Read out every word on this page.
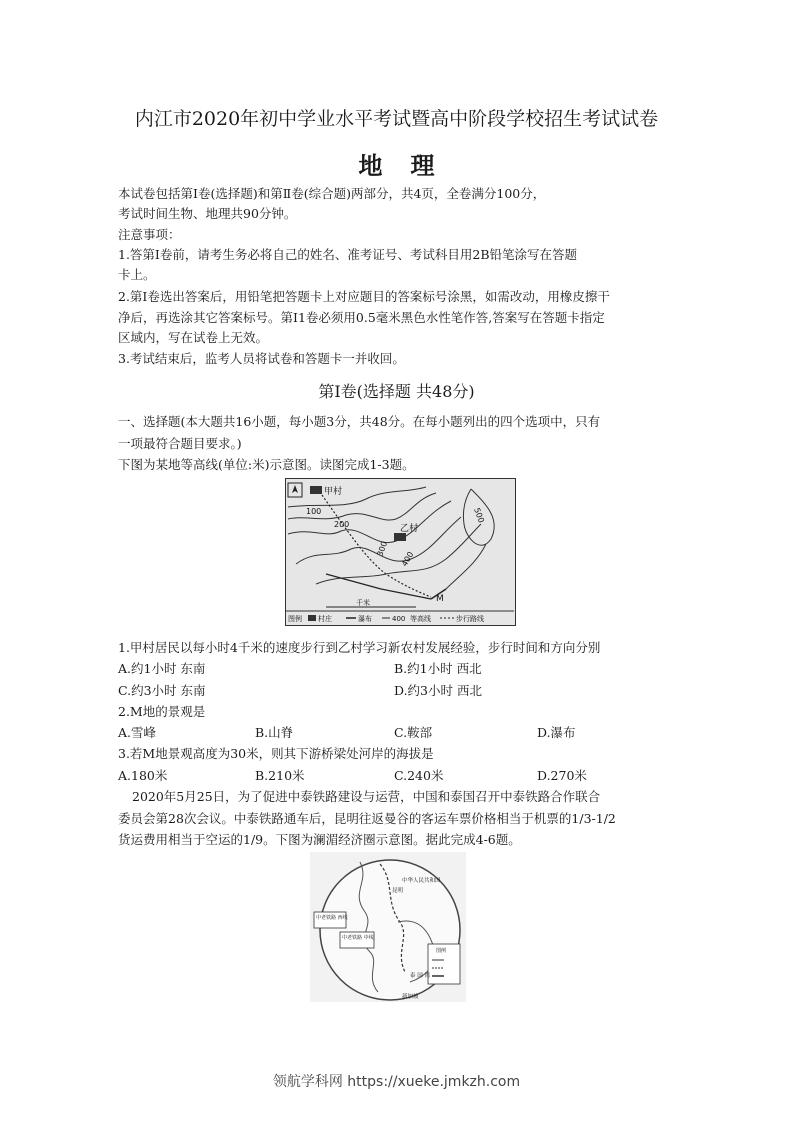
内江市2020年初中学业水平考试暨高中阶段学校招生考试试卷
地理
本试卷包括第I卷(选择题)和第Ⅱ卷(综合题)两部分，共4页，全卷满分100分，
考试时间生物、地理共90分钟。
注意事项：
1.答第I卷前，请考生务必将自己的姓名、准考证号、考试科目用2B铅笔涂写在答题
卡上。
2.第I卷选出答案后，用铅笔把答题卡上对应题目的答案标号涂黑，如需改动，用橡皮擦干
净后，再选涂其它答案标号。第I1卷必须用0.5毫米黑色水性笔作答,答案写在答题卡指定
区域内，写在试卷上无效。
3.考试结束后，监考人员将试卷和答题卡一并收回。
第I卷(选择题 共48分)
一、选择题(本大题共16小题，每小题3分，共48分。在每小题列出的四个选项中，只有
一项最符合题目要求。)
下图为某地等高线(单位:米)示意图。读图完成1-3题。
甲村
100
200
300
400
500
乙村
M
千米
图例 村庄	瀑布	400 等高线	步行路线
1.甲村居民以每小时4千米的速度步行到乙村学习新农村发展经验，步行时间和方向分别
A.约1小时 东南	B.约1小时 西北
C.约3小时 东南	D.约3小时 西北
2.M地的景观是
A.雪峰	B.山脊	C.鞍部	D.瀑布
3.若M地景观高度为30米，则其下游桥梁处河岸的海拔是
A.180米	B.210米	C.240米	D.270米
2020年5月25日，为了促进中泰铁路建设与运营，中国和泰国召开中泰铁路合作联合
委员会第28次会议。中泰铁路通车后，昆明往返曼谷的客运车票价格相当于机票的1/3-1/2
货运费用相当于空运的1/9。下图为澜湄经济圈示意图。据此完成4-6题。
中华人民共和国
昆明
中老铁路 西线
中老铁路 中线
图例
泰 国 湾
新加坡
领航学科网 https://xueke.jmkzh.com
